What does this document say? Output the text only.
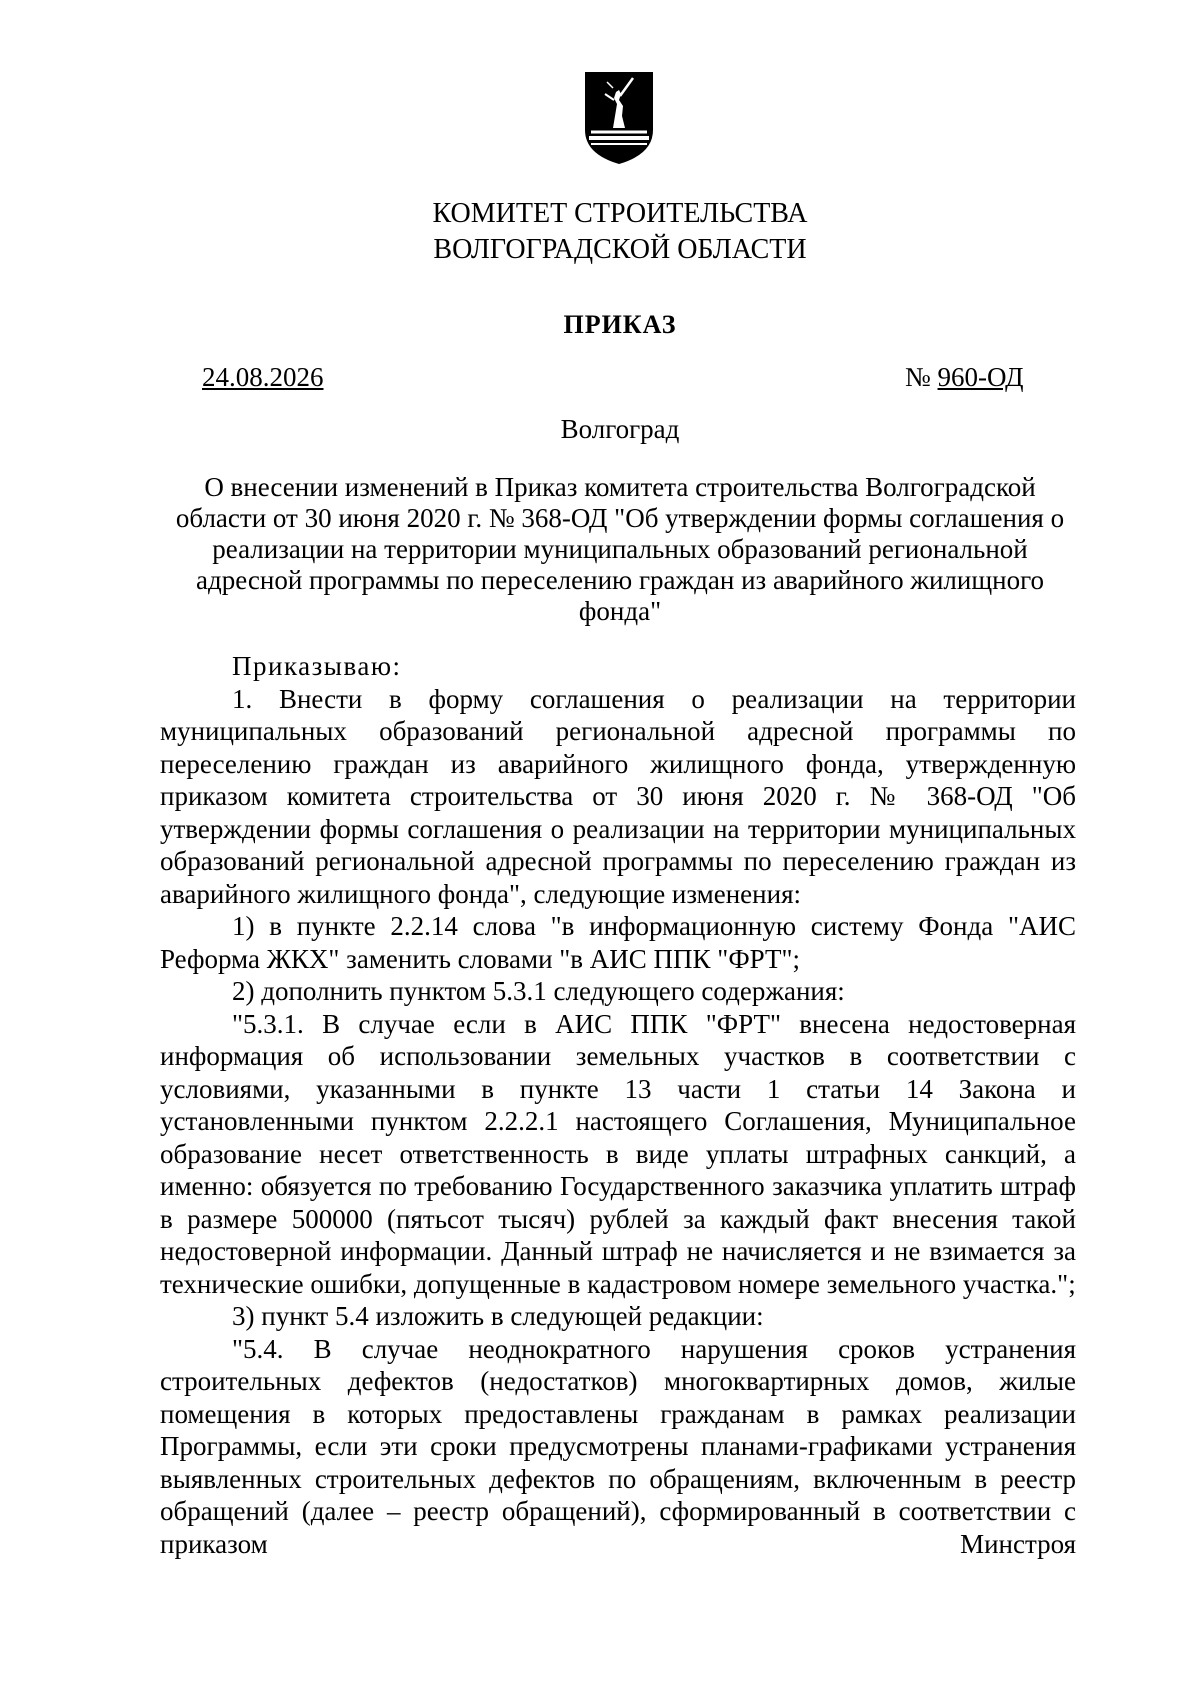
КОМИТЕТ СТРОИТЕЛЬСТВА
ВОЛГОГРАДСКОЙ ОБЛАСТИ
ПРИКАЗ
24.08.2026	№ 960-ОД
Волгоград
О внесении изменений в Приказ комитета строительства Волгоградской области от 30 июня 2020 г. № 368-ОД "Об утверждении формы соглашения о реализации на территории муниципальных образований региональной адресной программы по переселению граждан из аварийного жилищного фонда"

Приказываю:

1. Внести в форму соглашения о реализации на территории муниципальных образований региональной адресной программы по переселению граждан из аварийного жилищного фонда, утвержденную приказом комитета строительства от 30 июня 2020 г. № 368-ОД "Об утверждении формы соглашения о реализации на территории муниципальных образований региональной адресной программы по переселению граждан из аварийного жилищного фонда", следующие изменения:

1) в пункте 2.2.14 слова "в информационную систему Фонда "АИС Реформа ЖКХ" заменить словами "в АИС ППК "ФРТ";

2) дополнить пунктом 5.3.1 следующего содержания:

"5.3.1. В случае если в АИС ППК "ФРТ" внесена недостоверная информация об использовании земельных участков в соответствии с условиями, указанными в пункте 13 части 1 статьи 14 Закона и установленными пунктом 2.2.2.1 настоящего Соглашения, Муниципальное образование несет ответственность в виде уплаты штрафных санкций, а именно: обязуется по требованию Государственного заказчика уплатить штраф в размере 500000 (пятьсот тысяч) рублей за каждый факт внесения такой недостоверной информации. Данный штраф не начисляется и не взимается за технические ошибки, допущенные в кадастровом номере земельного участка.";

3) пункт 5.4 изложить в следующей редакции:

"5.4. В случае неоднократного нарушения сроков устранения строительных дефектов (недостатков) многоквартирных домов, жилые помещения в которых предоставлены гражданам в рамках реализации Программы, если эти сроки предусмотрены планами-графиками устранения выявленных строительных дефектов по обращениям, включенным в реестр обращений (далее – реестр обращений), сформированный в соответствии с приказом Минстроя
